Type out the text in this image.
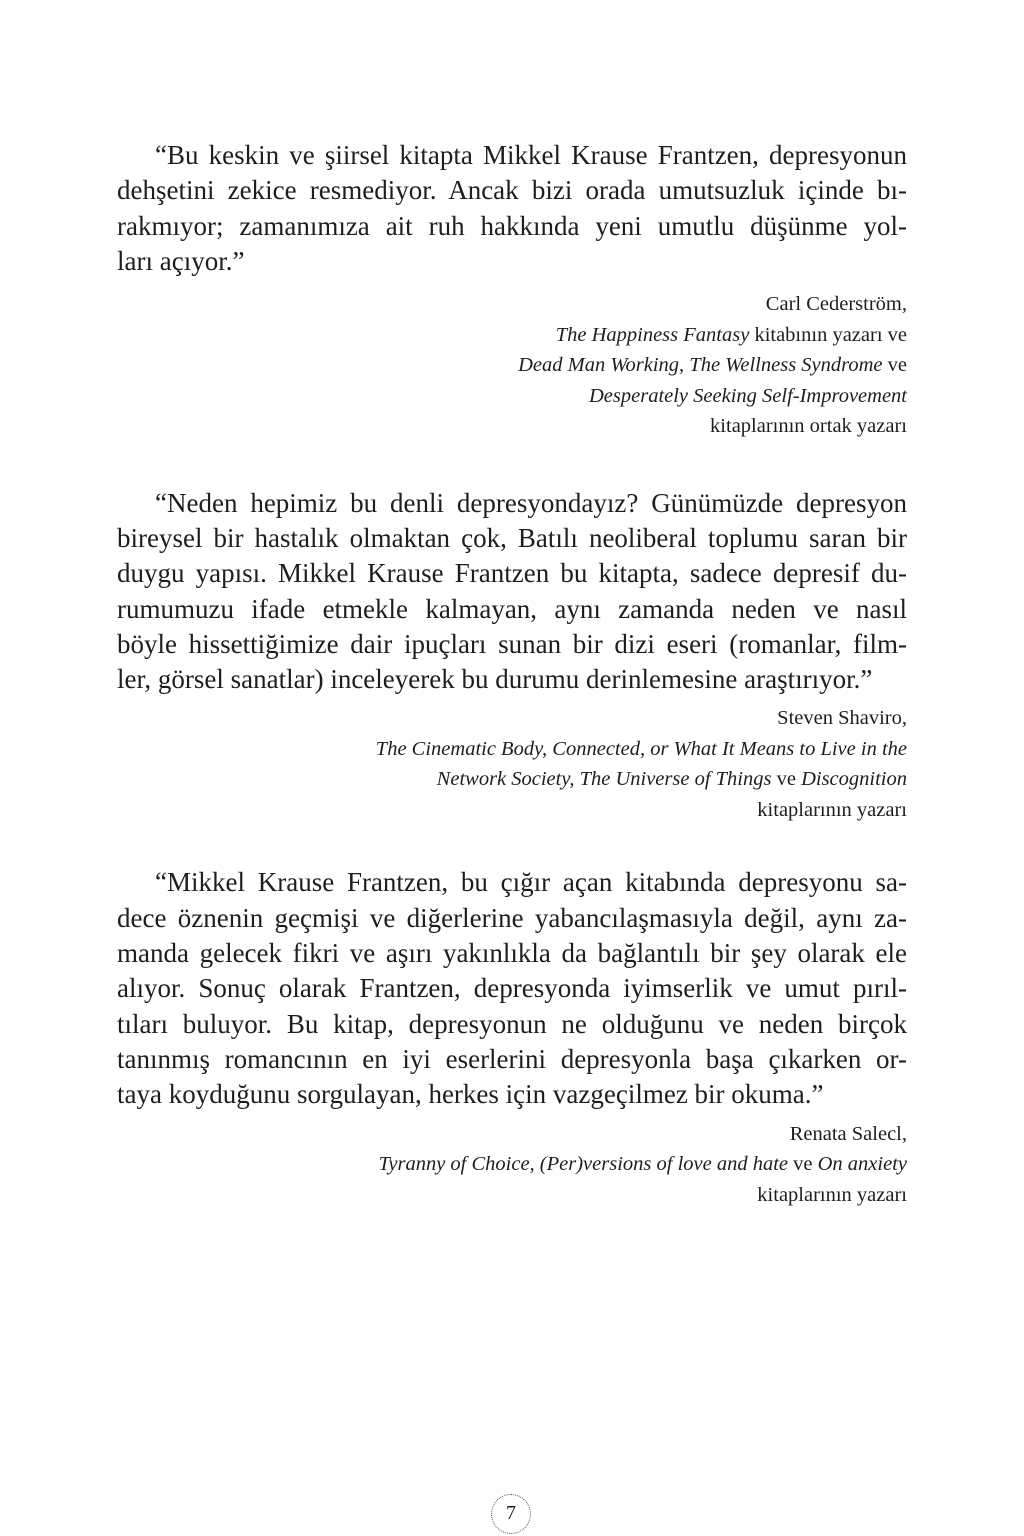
“Bu keskin ve şiirsel kitapta Mikkel Krause Frantzen, depresyonun
dehşetini zekice resmediyor. Ancak bizi orada umutsuzluk içinde bı-
rakmıyor; zamanımıza ait ruh hakkında yeni umutlu düşünme yol-
ları açıyor.”
Carl Cederström,
The Happiness Fantasy kitabının yazarı ve
Dead Man Working, The Wellness Syndrome ve
Desperately Seeking Self-Improvement
kitaplarının ortak yazarı
“Neden hepimiz bu denli depresyondayız? Günümüzde depresyon
bireysel bir hastalık olmaktan çok, Batılı neoliberal toplumu saran bir
duygu yapısı. Mikkel Krause Frantzen bu kitapta, sadece depresif du-
rumumuzu ifade etmekle kalmayan, aynı zamanda neden ve nasıl
böyle hissettiğimize dair ipuçları sunan bir dizi eseri (romanlar, film-
ler, görsel sanatlar) inceleyerek bu durumu derinlemesine araştırıyor.”
Steven Shaviro,
The Cinematic Body, Connected, or What It Means to Live in the
Network Society, The Universe of Things ve Discognition
kitaplarının yazarı
“Mikkel Krause Frantzen, bu çığır açan kitabında depresyonu sa-
dece öznenin geçmişi ve diğerlerine yabancılaşmasıyla değil, aynı za-
manda gelecek fikri ve aşırı yakınlıkla da bağlantılı bir şey olarak ele
alıyor. Sonuç olarak Frantzen, depresyonda iyimserlik ve umut pırıl-
tıları buluyor. Bu kitap, depresyonun ne olduğunu ve neden birçok
tanınmış romancının en iyi eserlerini depresyonla başa çıkarken or-
taya koyduğunu sorgulayan, herkes için vazgeçilmez bir okuma.”
Renata Salecl,
Tyranny of Choice, (Per)versions of love and hate ve On anxiety
kitaplarının yazarı
7
